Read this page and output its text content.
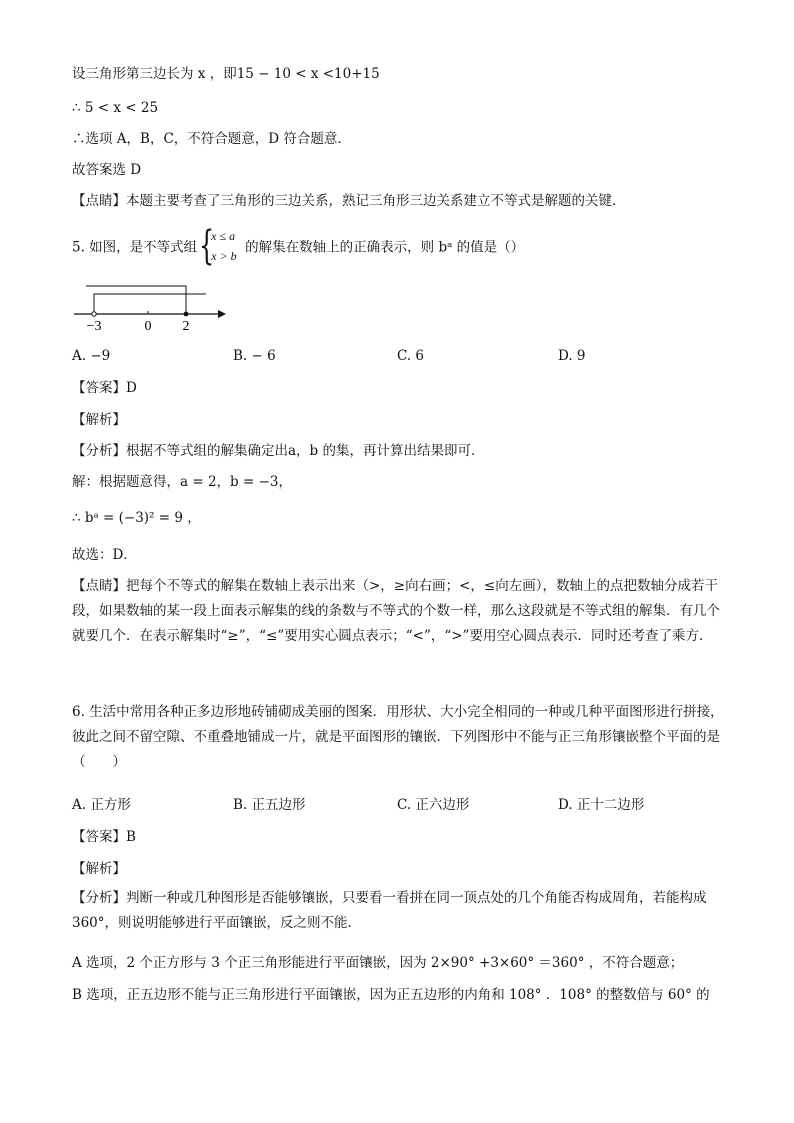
设三角形第三边长为 x ，即15 − 10 < x <10+15
∴ 5 < x < 25
∴选项 A，B，C，不符合题意，D 符合题意．
故答案选 D
【点睛】本题主要考查了三角形的三边关系，熟记三角形三边关系建立不等式是解题的关键．
5. 如图，是不等式组 {
x ≤ a
x > b
的解集在数轴上的正确表示，则 bᵃ 的值是（）
−3	0 2
A. −9	B. − 6	C. 6	D. 9
【答案】D
【解析】
【分析】根据不等式组的解集确定出a，b 的集，再计算出结果即可．
解：根据题意得，a = 2，b = −3，
∴ bᵃ = (−3)² = 9 ，
故选：D．
【点睛】把每个不等式的解集在数轴上表示出来（>，≥向右画；<，≤向左画），数轴上的点把数轴分成若干段，如果数轴的某一段上面表示解集的线的条数与不等式的个数一样，那么这段就是不等式组的解集．有几个就要几个．在表示解集时“≥”，“≤”要用实心圆点表示；“<”，“>”要用空心圆点表示．同时还考查了乘方．
6. 生活中常用各种正多边形地砖铺砌成美丽的图案．用形状、大小完全相同的一种或几种平面图形进行拼接，彼此之间不留空隙、不重叠地铺成一片，就是平面图形的镶嵌．下列图形中不能与正三角形镶嵌整个平面的是（　　）
A. 正方形	B. 正五边形	C. 正六边形	D. 正十二边形
【答案】B
【解析】
【分析】判断一种或几种图形是否能够镶嵌，只要看一看拼在同一顶点处的几个角能否构成周角，若能构成 360°，则说明能够进行平面镶嵌，反之则不能．
A 选项，2 个正方形与 3 个正三角形能进行平面镶嵌，因为 2×90° +3×60° ＝360° ，不符合题意；
B 选项，正五边形不能与正三角形进行平面镶嵌，因为正五边形的内角和 108° ．108° 的整数倍与 60° 的
